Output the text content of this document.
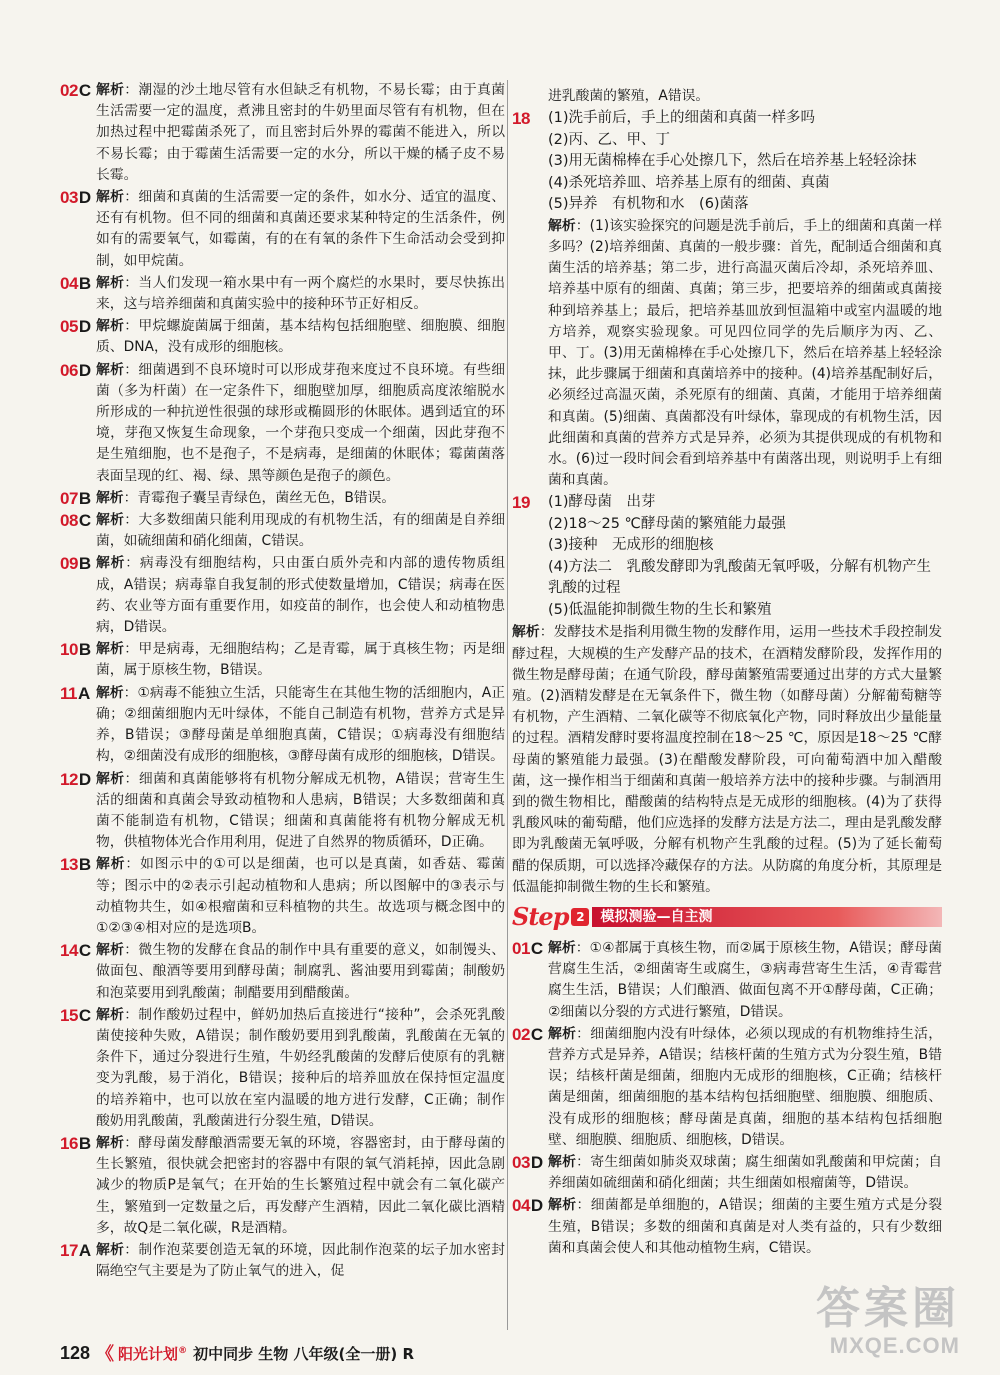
02C 解析：潮湿的沙土地尽管有水但缺乏有机物，不易长霉；由于真菌生活需要一定的温度，煮沸且密封的牛奶里面尽管有有机物，但在加热过程中把霉菌杀死了，而且密封后外界的霉菌不能进入，所以不易长霉；由于霉菌生活需要一定的水分，所以干燥的橘子皮不易长霉。
03D 解析：细菌和真菌的生活需要一定的条件，如水分、适宜的温度、还有有机物。但不同的细菌和真菌还要求某种特定的生活条件，例如有的需要氧气，如霉菌，有的在有氧的条件下生命活动会受到抑制，如甲烷菌。
04B 解析：当人们发现一箱水果中有一两个腐烂的水果时，要尽快拣出来，这与培养细菌和真菌实验中的接种环节正好相反。
05D 解析：甲烷螺旋菌属于细菌，基本结构包括细胞壁、细胞膜、细胞质、DNA，没有成形的细胞核。
06D 解析：细菌遇到不良环境时可以形成芽孢来度过不良环境。有些细菌（多为杆菌）在一定条件下，细胞壁加厚，细胞质高度浓缩脱水所形成的一种抗逆性很强的球形或椭圆形的休眠体。遇到适宜的环境，芽孢又恢复生命现象，一个芽孢只变成一个细菌，因此芽孢不是生殖细胞，也不是孢子，不是病毒，是细菌的休眠体；霉菌菌落表面呈现的红、褐、绿、黑等颜色是孢子的颜色。
07B 解析：青霉孢子囊呈青绿色，菌丝无色，B错误。
08C 解析：大多数细菌只能利用现成的有机物生活，有的细菌是自养细菌，如硫细菌和硝化细菌，C错误。
09B 解析：病毒没有细胞结构，只由蛋白质外壳和内部的遗传物质组成，A错误；病毒靠自我复制的形式使数量增加，C错误；病毒在医药、农业等方面有重要作用，如疫苗的制作，也会使人和动植物患病，D错误。
10B 解析：甲是病毒，无细胞结构；乙是青霉，属于真核生物；丙是细菌，属于原核生物，B错误。
11A 解析：①病毒不能独立生活，只能寄生在其他生物的活细胞内，A正确；②细菌细胞内无叶绿体，不能自己制造有机物，营养方式是异养，B错误；③酵母菌是单细胞真菌，C错误；①病毒没有细胞结构，②细菌没有成形的细胞核，③酵母菌有成形的细胞核，D错误。
12D 解析：细菌和真菌能够将有机物分解成无机物，A错误；营寄生生活的细菌和真菌会导致动植物和人患病，B错误；大多数细菌和真菌不能制造有机物，C错误；细菌和真菌能将有机物分解成无机物，供植物体光合作用利用，促进了自然界的物质循环，D正确。
13B 解析：如图示中的①可以是细菌，也可以是真菌，如香菇、霉菌等；图示中的②表示引起动植物和人患病；所以图解中的③表示与动植物共生，如④根瘤菌和豆科植物的共生。故选项与概念图中的①②③④相对应的是选项B。
14C 解析：微生物的发酵在食品的制作中具有重要的意义，如制馒头、做面包、酿酒等要用到酵母菌；制腐乳、酱油要用到霉菌；制酸奶和泡菜要用到乳酸菌；制醋要用到醋酸菌。
15C 解析：制作酸奶过程中，鲜奶加热后直接进行“接种”，会杀死乳酸菌使接种失败，A错误；制作酸奶要用到乳酸菌，乳酸菌在无氧的条件下，通过分裂进行生殖，牛奶经乳酸菌的发酵后使原有的乳糖变为乳酸，易于消化，B错误；接种后的培养皿放在保持恒定温度的培养箱中，也可以放在室内温暖的地方进行发酵，C正确；制作酸奶用乳酸菌，乳酸菌进行分裂生殖，D错误。
16B 解析：酵母菌发酵酿酒需要无氧的环境，容器密封，由于酵母菌的生长繁殖，很快就会把密封的容器中有限的氧气消耗掉，因此急剧减少的物质P是氧气；在开始的生长繁殖过程中就会有二氧化碳产生，繁殖到一定数量之后，再发酵产生酒精，因此二氧化碳比酒精多，故Q是二氧化碳，R是酒精。
17A 解析：制作泡菜要创造无氧的环境，因此制作泡菜的坛子加水密封隔绝空气主要是为了防止氧气的进入，促
进乳酸菌的繁殖，A错误。
18	(1)洗手前后，手上的细菌和真菌一样多吗
(2)丙、乙、甲、丁
(3)用无菌棉棒在手心处擦几下，然后在培养基上轻轻涂抹
(4)杀死培养皿、培养基上原有的细菌、真菌
(5)异养　有机物和水　(6)菌落
解析：(1)该实验探究的问题是洗手前后，手上的细菌和真菌一样多吗？(2)培养细菌、真菌的一般步骤：首先，配制适合细菌和真菌生活的培养基；第二步，进行高温灭菌后冷却，杀死培养皿、培养基中原有的细菌、真菌；第三步，把要培养的细菌或真菌接种到培养基上；最后，把培养基皿放到恒温箱中或室内温暖的地方培养，观察实验现象。可见四位同学的先后顺序为丙、乙、甲、丁。(3)用无菌棉棒在手心处擦几下，然后在培养基上轻轻涂抹，此步骤属于细菌和真菌培养中的接种。(4)培养基配制好后，必须经过高温灭菌，杀死原有的细菌、真菌，才能用于培养细菌和真菌。(5)细菌、真菌都没有叶绿体，靠现成的有机物生活，因此细菌和真菌的营养方式是异养，必须为其提供现成的有机物和水。(6)过一段时间会看到培养基中有菌落出现，则说明手上有细菌和真菌。
19	(1)酵母菌　出芽
(2)18～25 ℃酵母菌的繁殖能力最强
(3)接种　无成形的细胞核
(4)方法二　乳酸发酵即为乳酸菌无氧呼吸，分解有机物产生乳酸的过程
(5)低温能抑制微生物的生长和繁殖
解析：发酵技术是指利用微生物的发酵作用，运用一些技术手段控制发酵过程，大规模的生产发酵产品的技术，在酒精发酵阶段，发挥作用的微生物是酵母菌；在通气阶段，酵母菌繁殖需要通过出芽的方式大量繁殖。(2)酒精发酵是在无氧条件下，微生物（如酵母菌）分解葡萄糖等有机物，产生酒精、二氧化碳等不彻底氧化产物，同时释放出少量能量的过程。酒精发酵时要将温度控制在18～25 ℃，原因是18～25 ℃酵母菌的繁殖能力最强。(3)在醋酸发酵阶段，可向葡萄酒中加入醋酸菌，这一操作相当于细菌和真菌一般培养方法中的接种步骤。与制酒用到的微生物相比，醋酸菌的结构特点是无成形的细胞核。(4)为了获得乳酸风味的葡萄醋，他们应选择的发酵方法是方法二，理由是乳酸发酵即为乳酸菌无氧呼吸，分解有机物产生乳酸的过程。(5)为了延长葡萄醋的保质期，可以选择冷藏保存的方法。从防腐的角度分析，其原理是低温能抑制微生物的生长和繁殖。
Step 2	模拟测验—自主测
01C 解析：①④都属于真核生物，而②属于原核生物，A错误；酵母菌营腐生生活，②细菌寄生或腐生，③病毒营寄生生活，④青霉营腐生生活，B错误；人们酿酒、做面包离不开①酵母菌，C正确；②细菌以分裂的方式进行繁殖，D错误。
02C 解析：细菌细胞内没有叶绿体，必须以现成的有机物维持生活，营养方式是异养，A错误；结核杆菌的生殖方式为分裂生殖，B错误；结核杆菌是细菌，细胞内无成形的细胞核，C正确；结核杆菌是细菌，细菌细胞的基本结构包括细胞壁、细胞膜、细胞质、没有成形的细胞核；酵母菌是真菌，细胞的基本结构包括细胞壁、细胞膜、细胞质、细胞核，D错误。
03D 解析：寄生细菌如肺炎双球菌；腐生细菌如乳酸菌和甲烷菌；自养细菌如硫细菌和硝化细菌；共生细菌如根瘤菌等，D错误。
04D 解析：细菌都是单细胞的，A错误；细菌的主要生殖方式是分裂生殖，B错误；多数的细菌和真菌是对人类有益的，只有少数细菌和真菌会使人和其他动植物生病，C错误。
128 《 阳光计划® 初中同步 生物 八年级(全一册) R
答案圈
MXQE.COM
